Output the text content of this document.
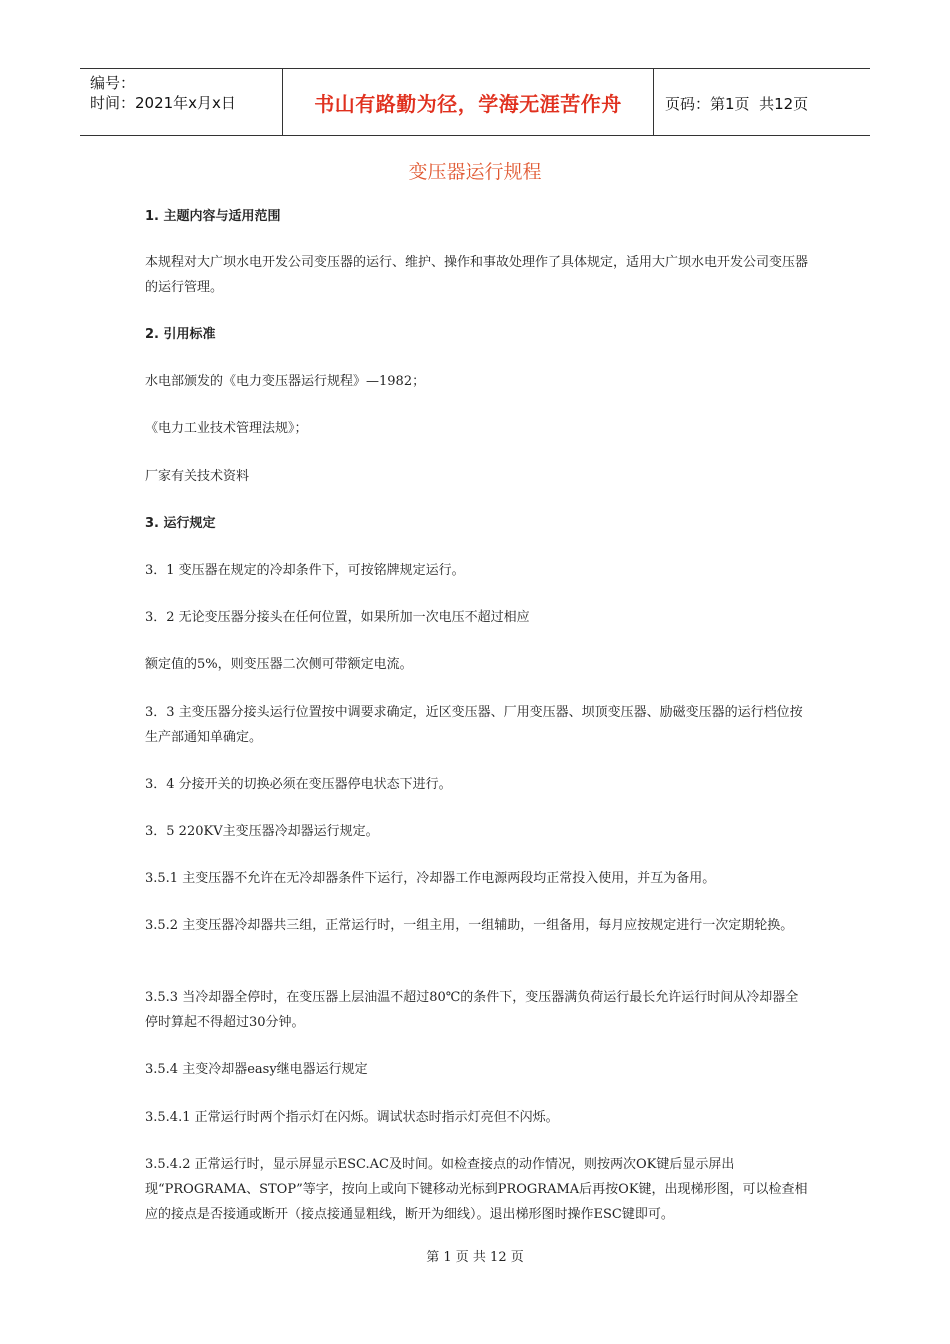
编号：
时间：2021年x月x日	书山有路勤为径，学海无涯苦作舟	页码：第1页  共12页
变压器运行规程
1. 主题内容与适用范围
本规程对大广坝水电开发公司变压器的运行、维护、操作和事故处理作了具体规定，适用大广坝水电开发公司变压器的运行管理。
2. 引用标准
水电部颁发的《电力变压器运行规程》—1982；
《电力工业技术管理法规》；
厂家有关技术资料
3. 运行规定
3．1 变压器在规定的冷却条件下，可按铭牌规定运行。
3．2 无论变压器分接头在任何位置，如果所加一次电压不超过相应
额定值的5%，则变压器二次侧可带额定电流。
3．3 主变压器分接头运行位置按中调要求确定，近区变压器、厂用变压器、坝顶变压器、励磁变压器的运行档位按生产部通知单确定。
3．4 分接开关的切换必须在变压器停电状态下进行。
3．5 220KV主变压器冷却器运行规定。
3.5.1 主变压器不允许在无冷却器条件下运行，冷却器工作电源两段均正常投入使用，并互为备用。
3.5.2 主变压器冷却器共三组，正常运行时，一组主用，一组辅助，一组备用，每月应按规定进行一次定期轮换。
3.5.3 当冷却器全停时，在变压器上层油温不超过80℃的条件下，变压器满负荷运行最长允许运行时间从冷却器全停时算起不得超过30分钟。
3.5.4 主变冷却器easy继电器运行规定
3.5.4.1 正常运行时两个指示灯在闪烁。调试状态时指示灯亮但不闪烁。
3.5.4.2 正常运行时，显示屏显示ESC.AC及时间。如检查接点的动作情况，则按两次OK键后显示屏出现“PROGRAMA、STOP”等字，按向上或向下键移动光标到PROGRAMA后再按OK键，出现梯形图，可以检查相应的接点是否接通或断开（接点接通显粗线，断开为细线）。退出梯形图时操作ESC键即可。
第 1 页 共 12 页
